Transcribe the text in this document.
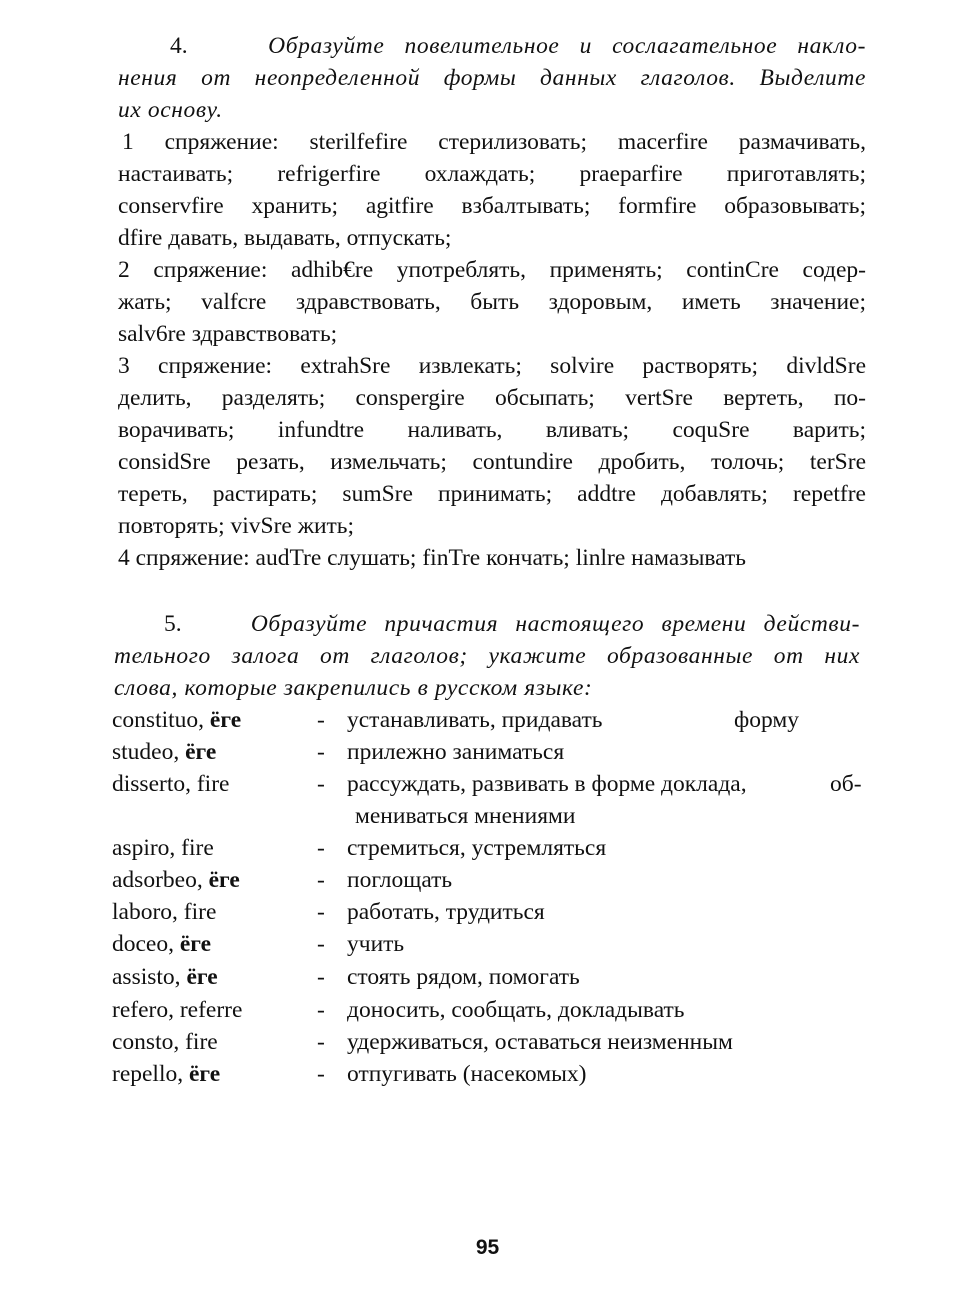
4.	Образуйте повелительное и сослагательное накло-
нения от неопределенной формы данных глаголов. Выделите
их основу.
1 спряжение: sterilfefire стерилизовать; macerfire размачивать,
настаивать; refrigerfire охлаждать; praeparfire приготавлять;
conservfire хранить; agitfire взбалтывать; formfire образовывать;
dfire давать, выдавать, отпускать;
2 спряжение: adhib€re употреблять, применять; continCre содер-
жать; valfcre здравствовать, быть здоровым, иметь значение;
salv6re здравствовать;
3 спряжение: extrahSre извлекать; solvire растворять; divldSre
делить, разделять; conspergire обсыпать; vertSre вертеть, по-
ворачивать; infundtre наливать, вливать; coquSre варить;
considSre резать, измельчать; contundire дробить, толочь; terSre
тереть, растирать; sumSre принимать; addtre добавлять; repetfre
повторять; vivSre жить;
4 спряжение: audTre слушать; finTre кончать; linlre намазывать
5.	Образуйте причастия настоящего времени действи-
тельного залога от глаголов; укажите образованные от них
слова, которые закрепились в русском языке:
constituo, ёге	- устанавливать, придавать	форму
studeo, ёге	- прилежно заниматься
disserto, fire	- рассуждать, развивать в форме доклада,	об-
мениваться мнениями
aspiro, fire	- стремиться, устремляться
adsorbeo, ёге	- поглощать
laboro, fire	- работать, трудиться
doceo, ёге	- учить
assisto, ёге	- стоять рядом, помогать
refero, referre	- доносить, сообщать, докладывать
consto, fire	- удерживаться, оставаться неизменным
repello, ёге	- отпугивать (насекомых)
95
